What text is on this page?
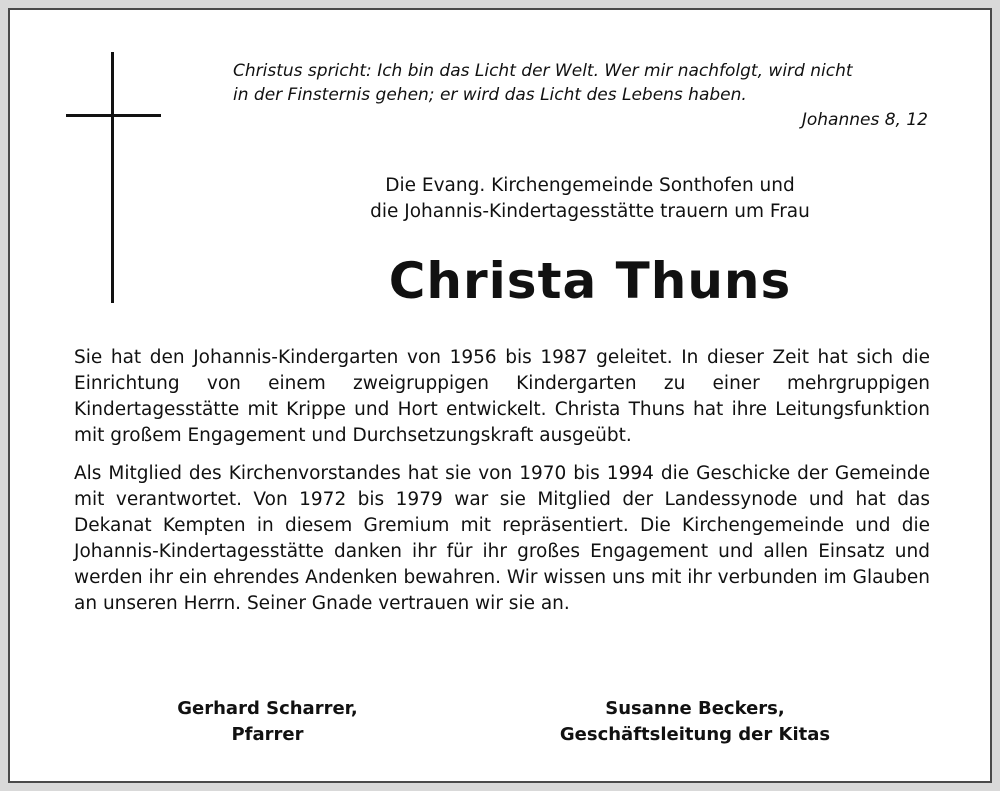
Christus spricht: Ich bin das Licht der Welt. Wer mir nachfolgt, wird nicht
in der Finsternis gehen; er wird das Licht des Lebens haben.
Johannes 8, 12
Die Evang. Kirchengemeinde Sonthofen und
die Johannis-Kindertagesstätte trauern um Frau
Christa Thuns

Sie hat den Johannis-Kindergarten von 1956 bis 1987 geleitet. In dieser Zeit hat sich die Einrichtung von einem zweigruppigen Kindergarten zu einer mehrgruppigen Kindertagesstätte mit Krippe und Hort entwickelt. Christa Thuns hat ihre Leitungsfunktion mit großem Engagement und Durchsetzungskraft ausgeübt.

Als Mitglied des Kirchenvorstandes hat sie von 1970 bis 1994 die Geschicke der Gemeinde mit verantwortet. Von 1972 bis 1979 war sie Mitglied der Landessynode und hat das Dekanat Kempten in diesem Gremium mit repräsentiert. Die Kirchengemeinde und die Johannis-Kindertagesstätte danken ihr für ihr großes Engagement und allen Einsatz und werden ihr ein ehrendes Andenken bewahren. Wir wissen uns mit ihr verbunden im Glauben an unseren Herrn. Seiner Gnade vertrauen wir sie an.

Gerhard Scharrer,
Pfarrer
Susanne Beckers,
Geschäftsleitung der Kitas
